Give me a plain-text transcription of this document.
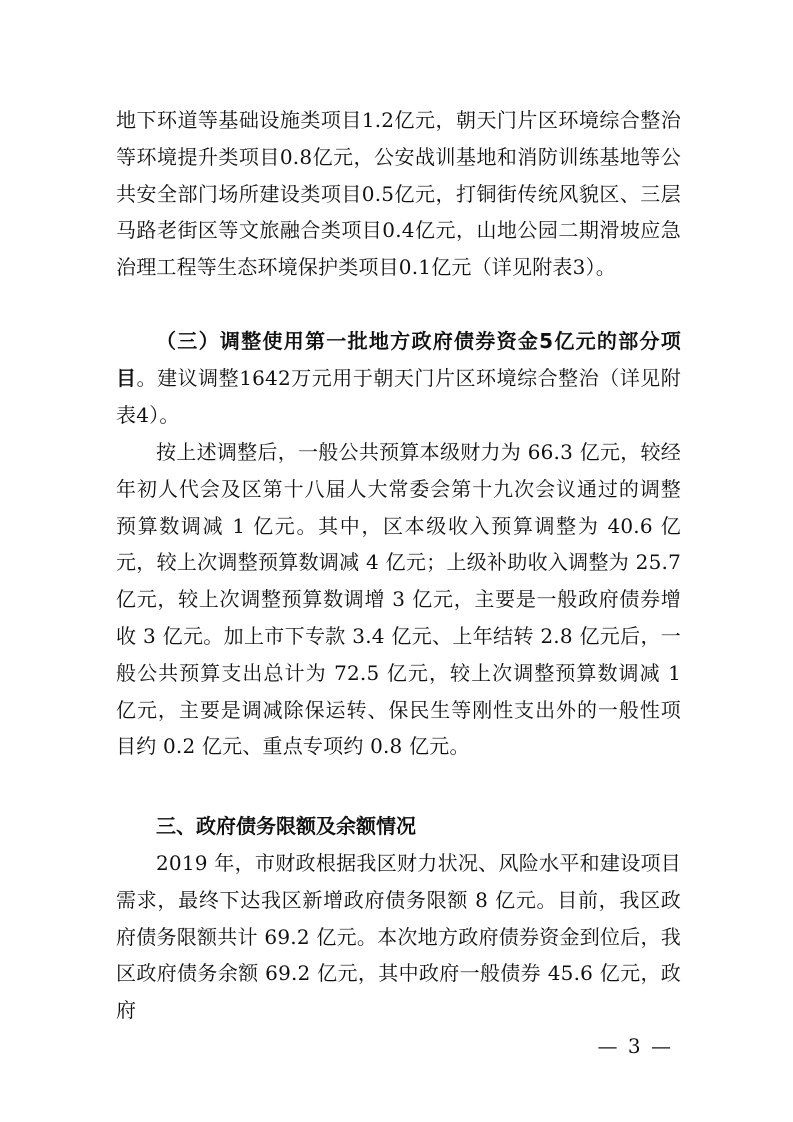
地下环道等基础设施类项目1.2亿元，朝天门片区环境综合整治等环境提升类项目0.8亿元，公安战训基地和消防训练基地等公共安全部门场所建设类项目0.5亿元，打铜街传统风貌区、三层马路老街区等文旅融合类项目0.4亿元，山地公园二期滑坡应急治理工程等生态环境保护类项目0.1亿元（详见附表3）。

（三）调整使用第一批地方政府债券资金5亿元的部分项目。建议调整1642万元用于朝天门片区环境综合整治（详见附表4）。

按上述调整后，一般公共预算本级财力为 66.3 亿元，较经年初人代会及区第十八届人大常委会第十九次会议通过的调整预算数调减 1 亿元。其中，区本级收入预算调整为 40.6 亿元，较上次调整预算数调减 4 亿元；上级补助收入调整为 25.7 亿元，较上次调整预算数调增 3 亿元，主要是一般政府债券增收 3 亿元。加上市下专款 3.4 亿元、上年结转 2.8 亿元后，一般公共预算支出总计为 72.5 亿元，较上次调整预算数调减 1 亿元，主要是调减除保运转、保民生等刚性支出外的一般性项目约 0.2 亿元、重点专项约 0.8 亿元。

三、政府债务限额及余额情况

2019 年，市财政根据我区财力状况、风险水平和建设项目需求，最终下达我区新增政府债务限额 8 亿元。目前，我区政府债务限额共计 69.2 亿元。本次地方政府债券资金到位后，我区政府债务余额 69.2 亿元，其中政府一般债券 45.6 亿元，政府

— 3 —
